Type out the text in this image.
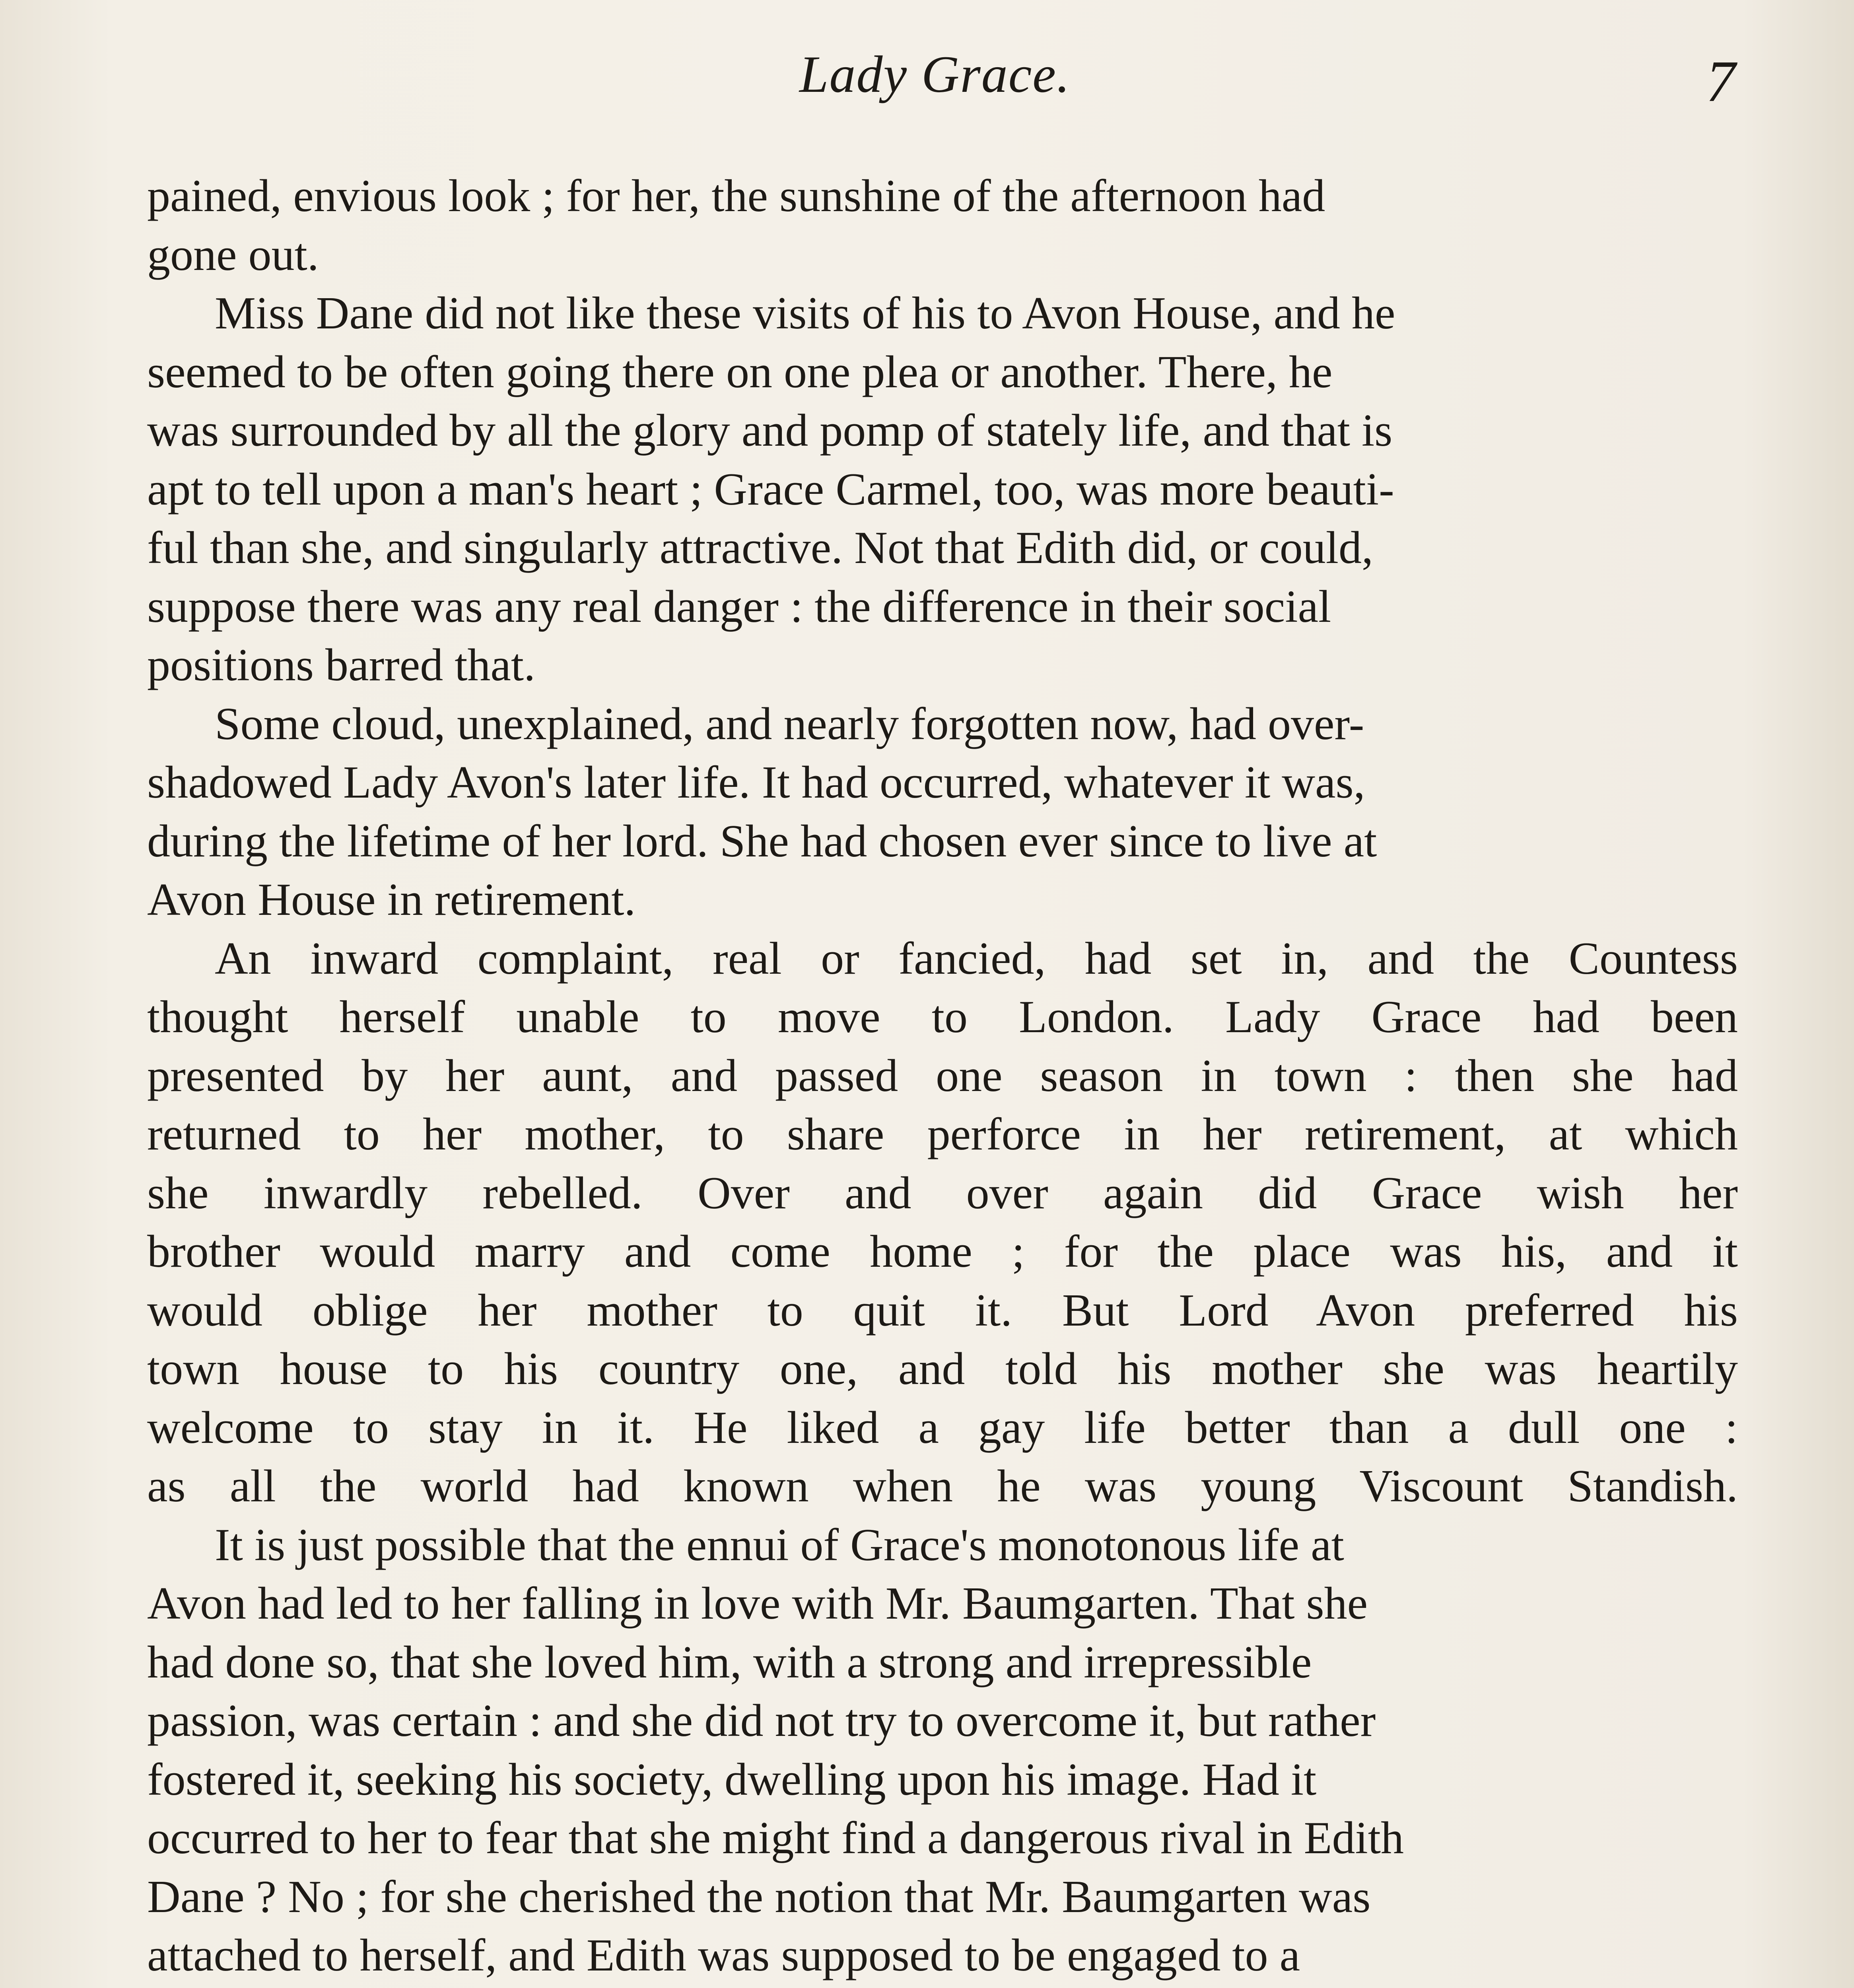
Lady Grace.	7

pained, envious look ; for her, the sunshine of the afternoon had
gone out.

Miss Dane did not like these visits of his to Avon House, and he
seemed to be often going there on one plea or another. There, he
was surrounded by all the glory and pomp of stately life, and that is
apt to tell upon a man's heart ; Grace Carmel, too, was more beauti-
ful than she, and singularly attractive. Not that Edith did, or could,
suppose there was any real danger : the difference in their social
positions barred that.

Some cloud, unexplained, and nearly forgotten now, had over-
shadowed Lady Avon's later life. It had occurred, whatever it was,
during the lifetime of her lord. She had chosen ever since to live at
Avon House in retirement.

An inward complaint, real or fancied, had set in, and the Countess
thought herself unable to move to London. Lady Grace had been
presented by her aunt, and passed one season in town : then she had
returned to her mother, to share perforce in her retirement, at which
she inwardly rebelled. Over and over again did Grace wish her
brother would marry and come home ; for the place was his, and it
would oblige her mother to quit it. But Lord Avon preferred his
town house to his country one, and told his mother she was heartily
welcome to stay in it. He liked a gay life better than a dull one :
as all the world had known when he was young Viscount Standish.

It is just possible that the ennui of Grace's monotonous life at
Avon had led to her falling in love with Mr. Baumgarten. That she
had done so, that she loved him, with a strong and irrepressible
passion, was certain : and she did not try to overcome it, but rather
fostered it, seeking his society, dwelling upon his image. Had it
occurred to her to fear that she might find a dangerous rival in Edith
Dane ? No ; for she cherished the notion that Mr. Baumgarten was
attached to herself, and Edith was supposed to be engaged to a
